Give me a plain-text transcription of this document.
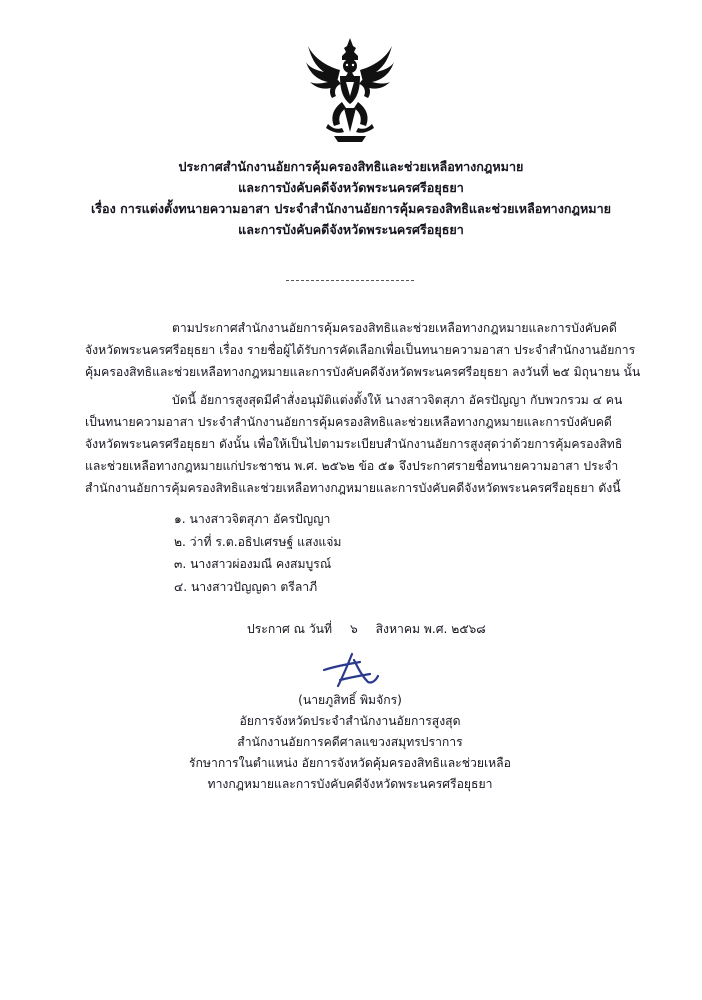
ประกาศสำนักงานอัยการคุ้มครองสิทธิและช่วยเหลือทางกฎหมาย
และการบังคับคดีจังหวัดพระนครศรีอยุธยา
เรื่อง การแต่งตั้งทนายความอาสา ประจำสำนักงานอัยการคุ้มครองสิทธิและช่วยเหลือทางกฎหมาย
และการบังคับคดีจังหวัดพระนครศรีอยุธยา
ตามประกาศสำนักงานอัยการคุ้มครองสิทธิและช่วยเหลือทางกฎหมายและการบังคับคดี
จังหวัดพระนครศรีอยุธยา เรื่อง รายชื่อผู้ได้รับการคัดเลือกเพื่อเป็นทนายความอาสา ประจำสำนักงานอัยการ
คุ้มครองสิทธิและช่วยเหลือทางกฎหมายและการบังคับคดีจังหวัดพระนครศรีอยุธยา ลงวันที่ ๒๕ มิถุนายน นั้น
บัดนี้ อัยการสูงสุดมีคำสั่งอนุมัติแต่งตั้งให้ นางสาวจิตสุภา อัครปัญญา กับพวกรวม ๔ คน
เป็นทนายความอาสา ประจำสำนักงานอัยการคุ้มครองสิทธิและช่วยเหลือทางกฎหมายและการบังคับคดี
จังหวัดพระนครศรีอยุธยา ดังนั้น เพื่อให้เป็นไปตามระเบียบสำนักงานอัยการสูงสุดว่าด้วยการคุ้มครองสิทธิ
และช่วยเหลือทางกฎหมายแก่ประชาชน พ.ศ. ๒๕๖๒ ข้อ ๕๑ จึงประกาศรายชื่อทนายความอาสา ประจำ
สำนักงานอัยการคุ้มครองสิทธิและช่วยเหลือทางกฎหมายและการบังคับคดีจังหวัดพระนครศรีอยุธยา ดังนี้
๑. นางสาวจิตสุภา อัครปัญญา
๒. ว่าที่ ร.ต.อธิปเศรษฐ์ แสงแจ่ม
๓. นางสาวผ่องมณี คงสมบูรณ์
๔. นางสาวปัญญดา ตรีลาภี
ประกาศ ณ วันที่ ๖ สิงหาคม พ.ศ. ๒๕๖๘
(นายภูสิทธิ์ พิมจักร)
อัยการจังหวัดประจำสำนักงานอัยการสูงสุด
สำนักงานอัยการคดีศาลแขวงสมุทรปราการ
รักษาการในตำแหน่ง อัยการจังหวัดคุ้มครองสิทธิและช่วยเหลือ
ทางกฎหมายและการบังคับคดีจังหวัดพระนครศรีอยุธยา
